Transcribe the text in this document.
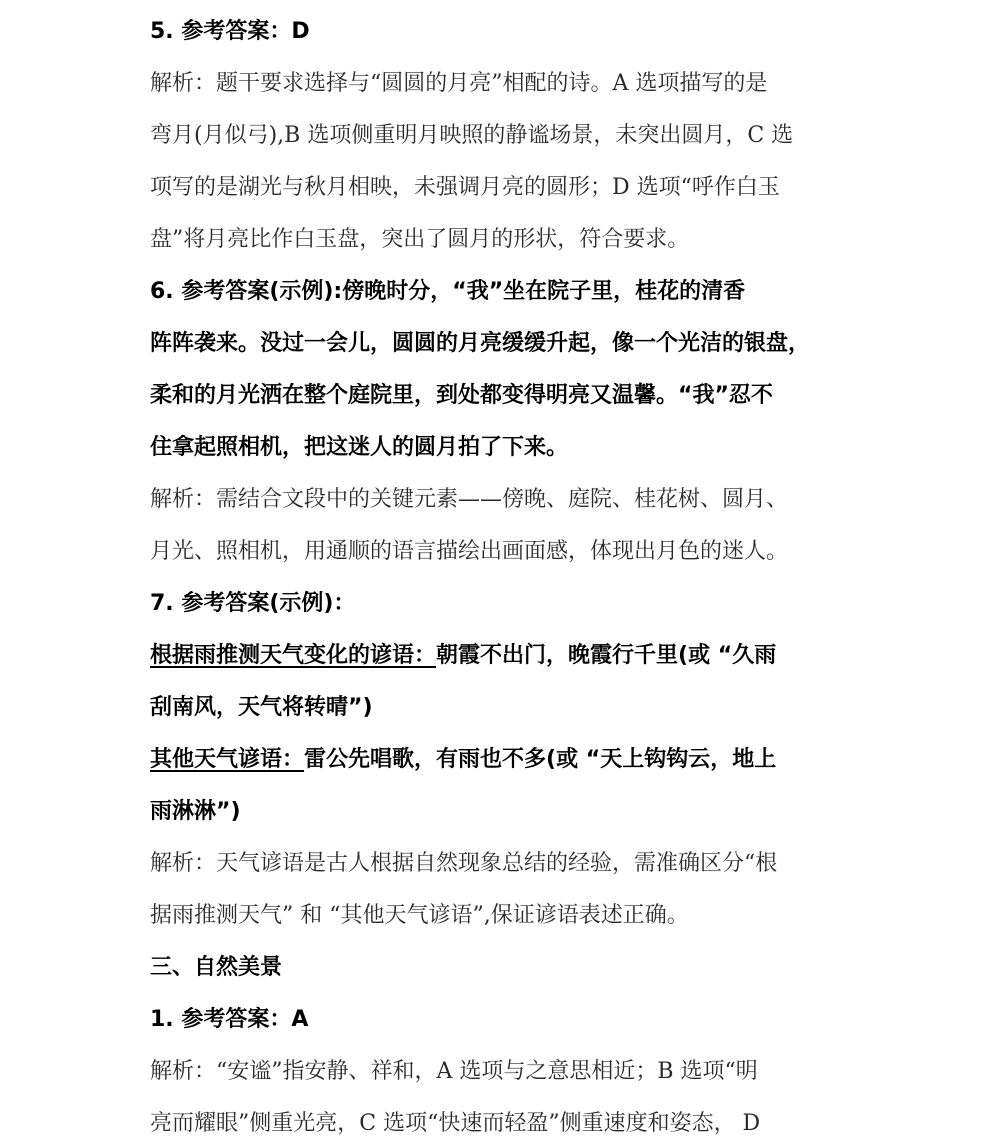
5. 参考答案：D
解析：题干要求选择与“圆圆的月亮”相配的诗。A 选项描写的是
弯月(月似弓),B 选项侧重明月映照的静谧场景，未突出圆月，C 选
项写的是湖光与秋月相映，未强调月亮的圆形；D 选项“呼作白玉
盘”将月亮比作白玉盘，突出了圆月的形状，符合要求。
6. 参考答案(示例):傍晚时分，“我”坐在院子里，桂花的清香
阵阵袭来。没过一会儿，圆圆的月亮缓缓升起，像一个光洁的银盘，
柔和的月光洒在整个庭院里，到处都变得明亮又温馨。“我”忍不
住拿起照相机，把这迷人的圆月拍了下来。
解析：需结合文段中的关键元素——傍晚、庭院、桂花树、圆月、
月光、照相机，用通顺的语言描绘出画面感，体现出月色的迷人。
7. 参考答案(示例)：
根据雨推测天气变化的谚语：朝霞不出门，晚霞行千里(或 “久雨
刮南风，天气将转晴”)
其他天气谚语：雷公先唱歌，有雨也不多(或 “天上钩钩云，地上
雨淋淋”)
解析：天气谚语是古人根据自然现象总结的经验，需准确区分“根
据雨推测天气” 和 “其他天气谚语”,保证谚语表述正确。
三、自然美景
1. 参考答案：A
解析：“安谧”指安静、祥和，A 选项与之意思相近；B 选项“明
亮而耀眼”侧重光亮，C 选项“快速而轻盈”侧重速度和姿态， D
